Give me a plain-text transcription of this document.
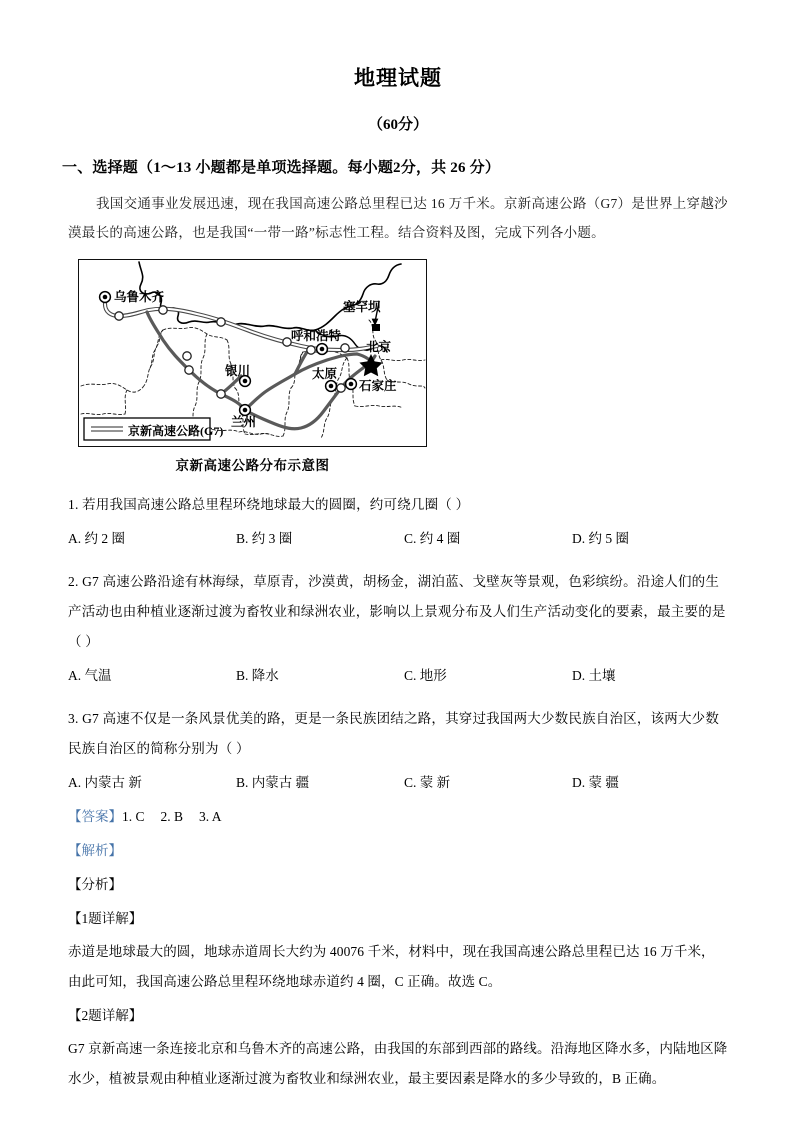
地理试题
（60分）
一、选择题（1～13 小题都是单项选择题。每小题2分，共 26 分）
我国交通事业发展迅速，现在我国高速公路总里程已达 16 万千米。京新高速公路（G7）是世界上穿越沙漠最长的高速公路，也是我国“一带一路”标志性工程。结合资料及图，完成下列各小题。
乌鲁木齐
塞罕坝
呼和浩特
北京
银川	太原
石家庄
兰州
京新高速公路(G7)
京新高速公路分布示意图
1. 若用我国高速公路总里程环绕地球最大的圆圈，约可绕几圈（ ）
A. 约 2 圈	B. 约 3 圈	C. 约 4 圈	D. 约 5 圈
2. G7 高速公路沿途有林海绿，草原青，沙漠黄，胡杨金，湖泊蓝、戈壁灰等景观，色彩缤纷。沿途人们的生产活动也由种植业逐渐过渡为畜牧业和绿洲农业，影响以上景观分布及人们生产活动变化的要素，最主要的是（ ）
A. 气温	B. 降水	C. 地形	D. 土壤
3. G7 高速不仅是一条风景优美的路，更是一条民族团结之路，其穿过我国两大少数民族自治区，该两大少数民族自治区的简称分别为（ ）
A. 内蒙古 新	B. 内蒙古 疆	C. 蒙 新	D. 蒙 疆
【答案】1. C 2. B 3. A
【解析】
【分析】
【1题详解】
赤道是地球最大的圆，地球赤道周长大约为 40076 千米，材料中，现在我国高速公路总里程已达 16 万千米，由此可知，我国高速公路总里程环绕地球赤道约 4 圈，C 正确。故选 C。
【2题详解】
G7 京新高速一条连接北京和乌鲁木齐的高速公路，由我国的东部到西部的路线。沿海地区降水多，内陆地区降水少，植被景观由种植业逐渐过渡为畜牧业和绿洲农业，最主要因素是降水的多少导致的，B 正确。
